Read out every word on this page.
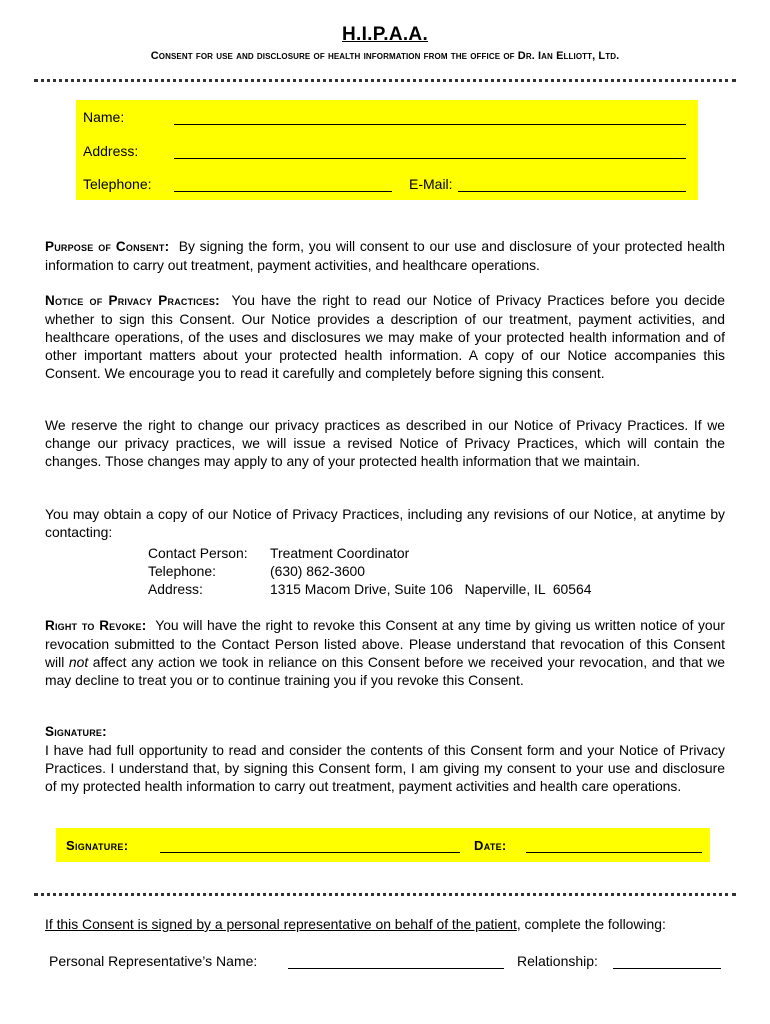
H.I.P.A.A.
Consent for use and disclosure of health information from the office of Dr. Ian Elliott, Ltd.
Name:
Address:
Telephone:	E-Mail:
Purpose of Consent: By signing the form, you will consent to our use and disclosure of your protected health information to carry out treatment, payment activities, and healthcare operations.
Notice of Privacy Practices: You have the right to read our Notice of Privacy Practices before you decide whether to sign this Consent. Our Notice provides a description of our treatment, payment activities, and healthcare operations, of the uses and disclosures we may make of your protected health information and of other important matters about your protected health information. A copy of our Notice accompanies this Consent. We encourage you to read it carefully and completely before signing this consent.
We reserve the right to change our privacy practices as described in our Notice of Privacy Practices. If we change our privacy practices, we will issue a revised Notice of Privacy Practices, which will contain the changes. Those changes may apply to any of your protected health information that we maintain.
You may obtain a copy of our Notice of Privacy Practices, including any revisions of our Notice, at anytime by contacting:
Contact Person: Treatment Coordinator
Telephone:	(630) 862-3600
Address:	1315 Macom Drive, Suite 106   Naperville, IL  60564
Right to Revoke: You will have the right to revoke this Consent at any time by giving us written notice of your revocation submitted to the Contact Person listed above. Please understand that revocation of this Consent will not affect any action we took in reliance on this Consent before we received your revocation, and that we may decline to treat you or to continue training you if you revoke this Consent.
Signature:
I have had full opportunity to read and consider the contents of this Consent form and your Notice of Privacy Practices. I understand that, by signing this Consent form, I am giving my consent to your use and disclosure of my protected health information to carry out treatment, payment activities and health care operations.
Signature:	Date:
If this Consent is signed by a personal representative on behalf of the patient, complete the following:
Personal Representative’s Name:	Relationship:
